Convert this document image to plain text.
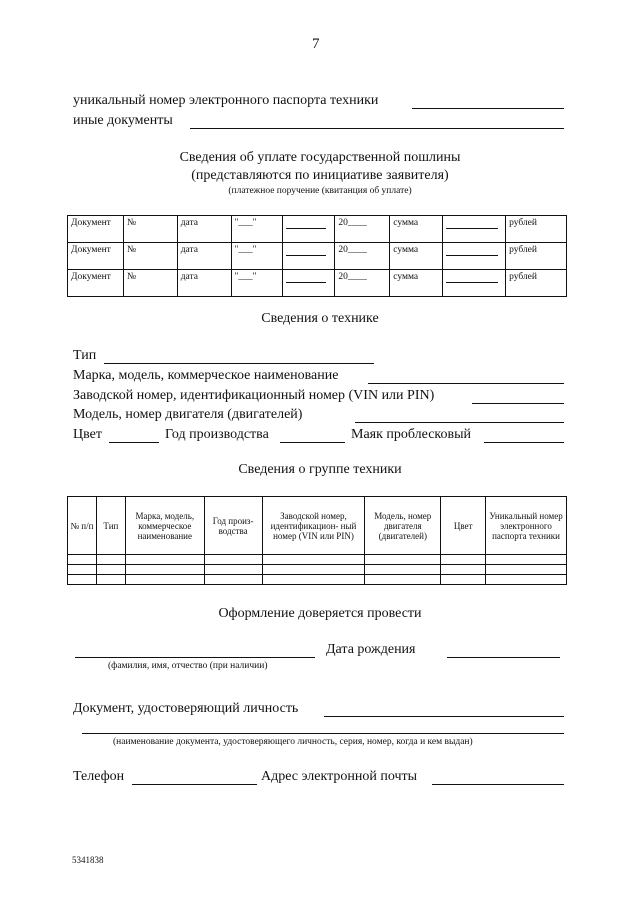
7
уникальный номер электронного паспорта техники
иные документы
Сведения об уплате государственной пошлины
(представляются по инициативе заявителя)
(платежное поручение (квитанция об уплате)
Документ	№	дата	"___"		20____	сумма		рублей
Документ	№	дата	"___"		20____	сумма		рублей
Документ	№	дата	"___"		20____	сумма		рублей
Сведения о технике
Тип
Марка, модель, коммерческое наименование
Заводской номер, идентификационный номер (VIN или PIN)
Модель, номер двигателя (двигателей)
Цвет	Год производства	Маяк проблесковый
Сведения о группе техники
№ п/п	Тип	Марка, модель, коммерческое наименование	Год произ- водства	Заводской номер, идентификацион- ный номер (VIN или PIN)	Модель, номер двигателя (двигателей)	Цвет	Уникальный номер электронного паспорта техники

Оформление доверяется провести
Дата рождения
(фамилия, имя, отчество (при наличии)
Документ, удостоверяющий личность
(наименование документа, удостоверяющего личность, серия, номер, когда и кем выдан)
Телефон	Адрес электронной почты
5341838
